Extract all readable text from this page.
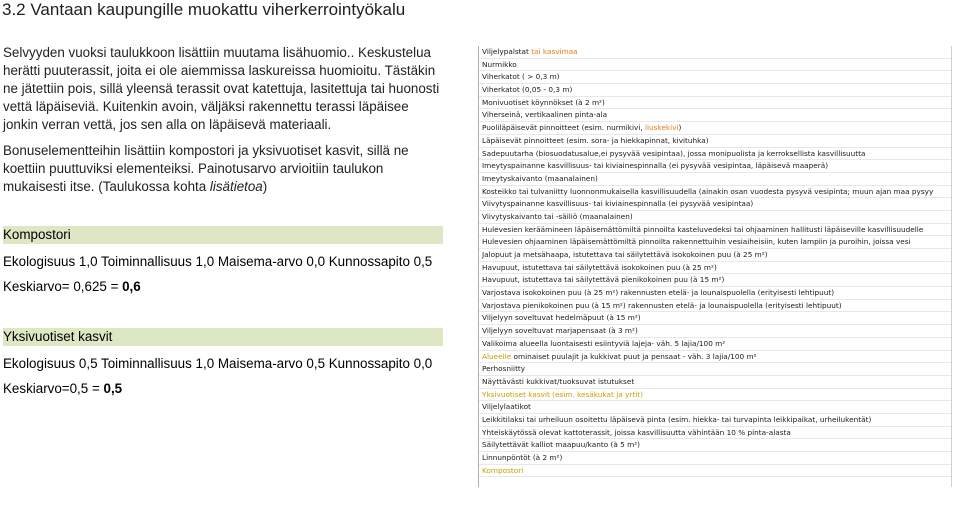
3.2 Vantaan kaupungille muokattu viherkerrointyökalu
Selvyyden vuoksi taulukkoon lisättiin muutama lisähuomio.. Keskustelua herätti puuterassit, joita ei ole aiemmissa laskureissa huomioitu. Tästäkin ne jätettiin pois, sillä yleensä terassit ovat katettuja, lasitettuja tai huonosti vettä läpäiseviä. Kuitenkin avoin, väljäksi rakennettu terassi läpäisee jonkin verran vettä, jos sen alla on läpäisevä materiaali.
Bonuselementteihin lisättiin kompostori ja yksivuotiset kasvit, sillä ne koettiin puuttuviksi elementeiksi. Painotusarvo arvioitiin taulukon mukaisesti itse. (Taulukossa kohta lisätietoa)
Kompostori
Ekologisuus 1,0 Toiminnallisuus 1,0 Maisema-arvo 0,0 Kunnossapito 0,5
Keskiarvo= 0,625 = 0,6
Yksivuotiset kasvit
Ekologisuus 0,5 Toiminnallisuus 1,0 Maisema-arvo 0,5 Kunnossapito 0,0
Keskiarvo=0,5 = 0,5
Viljelypalstat tai kasvimaa
Nurmikko
Viherkatot ( > 0,3 m)
Viherkatot (0,05 - 0,3 m)
Monivuotiset köynnökset (à 2 m²)
Viherseinä, vertikaalinen pinta-ala
Puoliläpäisevät pinnoitteet (esim. nurmikivi, liuskekivi)
Läpäisevät pinnoitteet (esim. sora- ja hiekkapinnat, kivituhka)
Sadepuutarha (biosuodatusalue,ei pysyvää vesipintaa), jossa monipuolista ja kerroksellista kasvillisuutta
Imeytyspainanne kasvillisuus- tai kiviainespinnalla (ei pysyvää vesipintaa, läpäisevä maaperä)
Imeytyskaivanto (maanalainen)
Kosteikko tai tulvaniitty luonnonmukaisella kasvillisuudella (ainakin osan vuodesta pysyvä vesipinta; muun ajan maa pysyy
Viivytyspainanne kasvillisuus- tai kiviainespinnalla (ei pysyvää vesipintaa)
Viivytyskaivanto tai -säiliö (maanalainen)
Hulevesien keräämineen läpäisemättömiltä pinnoilta kasteluvedeksi tai ohjaaminen hallitusti läpäiseville kasvillisuudelle
Hulevesien ohjaaminen läpäisemättömiltä pinnoilta rakennettuihin vesiaiheisiin, kuten lampiin ja puroihin, joissa vesi
Jalopuut ja metsähaapa, istutettava tai säilytettävä isokokoinen puu (à 25 m²)
Havupuut, istutettava tai säilytettävä isokokoinen puu (à 25 m²)
Havupuut, istutettava tai säilytettävä pienikokoinen puu (à 15 m²)
Varjostava isokokoinen puu (à 25 m²) rakennusten etelä- ja lounaispuolella (erityisesti lehtipuut)
Varjostava pienikokoinen puu (à 15 m²) rakennusten etelä- ja lounaispuolella (erityisesti lehtipuut)
Viljelyyn soveltuvat hedelmäpuut (à 15 m²)
Viljelyyn soveltuvat marjapensaat (à 3 m²)
Valikoima alueella luontaisesti esiintyviä lajeja- väh. 5 lajia/100 m²
Alueelle ominaiset puulajit ja kukkivat puut ja pensaat - väh. 3 lajia/100 m²
Perhosniitty
Näyttävästi kukkivat/tuoksuvat istutukset
Yksivuotiset kasvit (esim. kesäkukat ja yrtit)
Viljelylaatikot
Leikkitilaksi tai urheiluun osoitettu läpäisevä pinta (esim. hiekka- tai turvapinta leikkipaikat, urheilukentät)
Yhteiskäytössä olevat kattoterassit, joissa kasvillisuutta vähintään 10 % pinta-alasta
Säilytettävät kalliot maapuu/kanto (à 5 m²)
Linnunpöntöt (à 2 m²)
Kompostori
